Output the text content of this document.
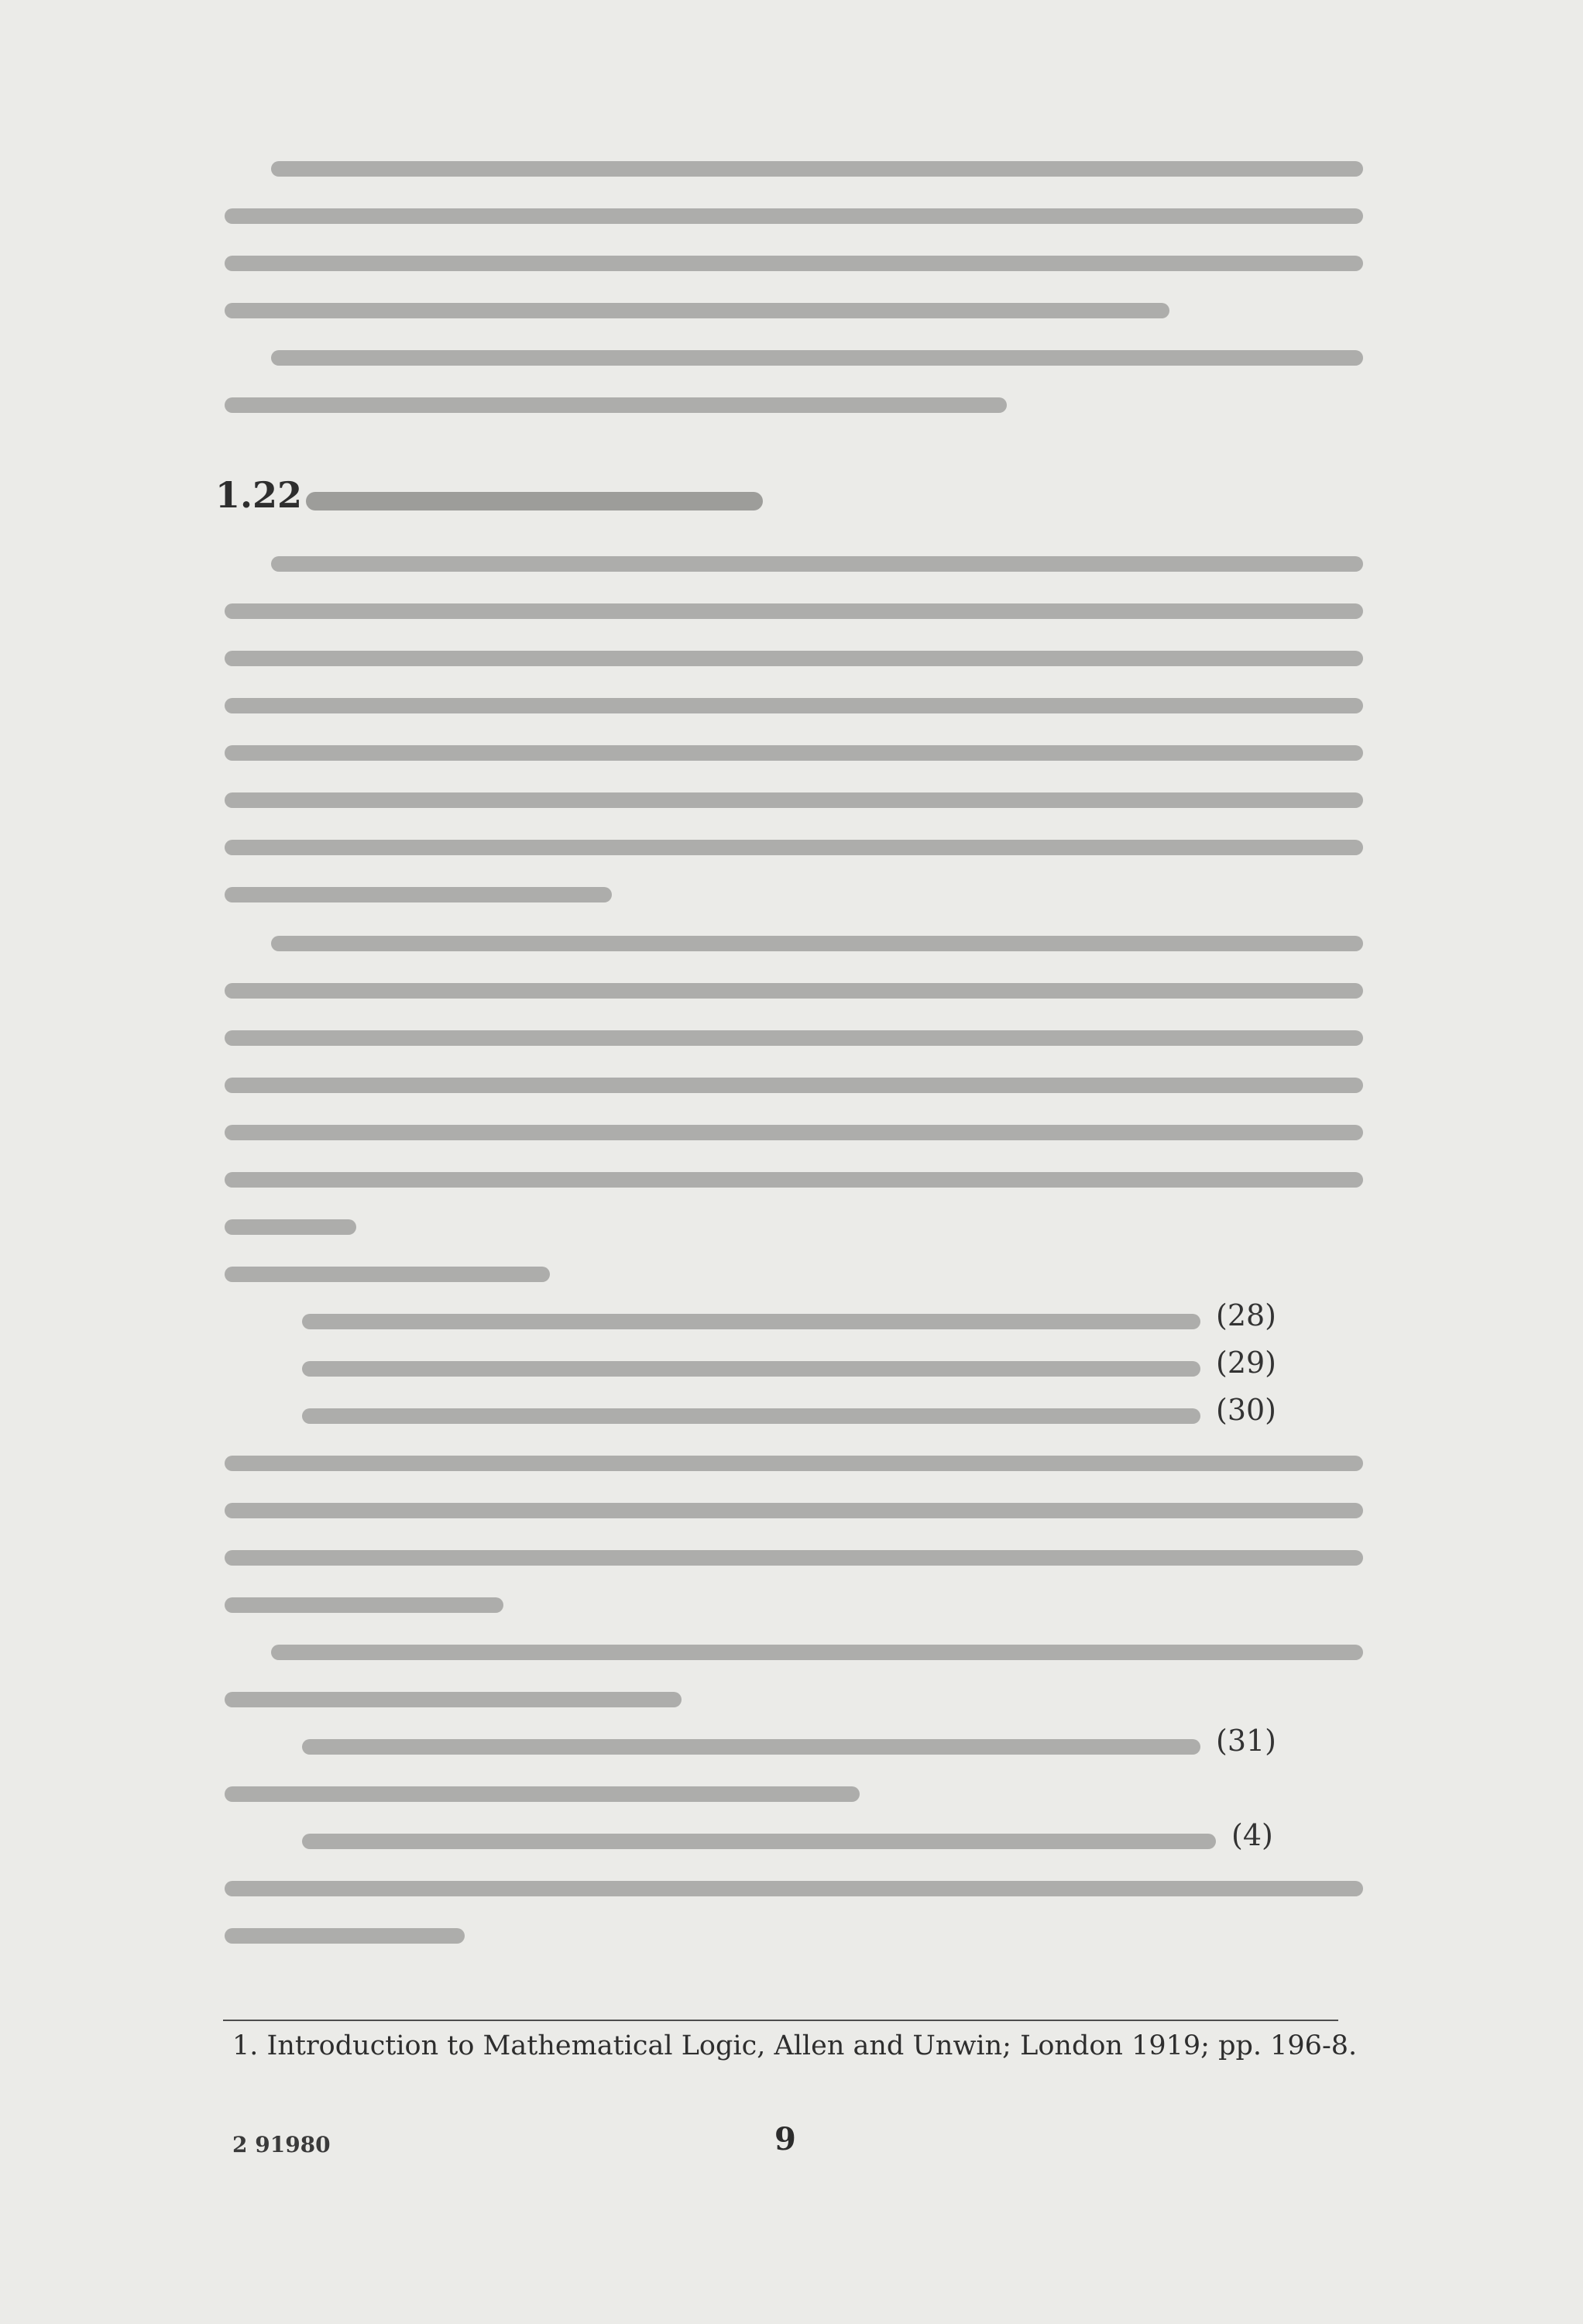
1.22
(28)
(29)
(30)
(31)
(4)
1. Introduction to Mathematical Logic, Allen and Unwin; London 1919; pp. 196-8.
2 91980	9
